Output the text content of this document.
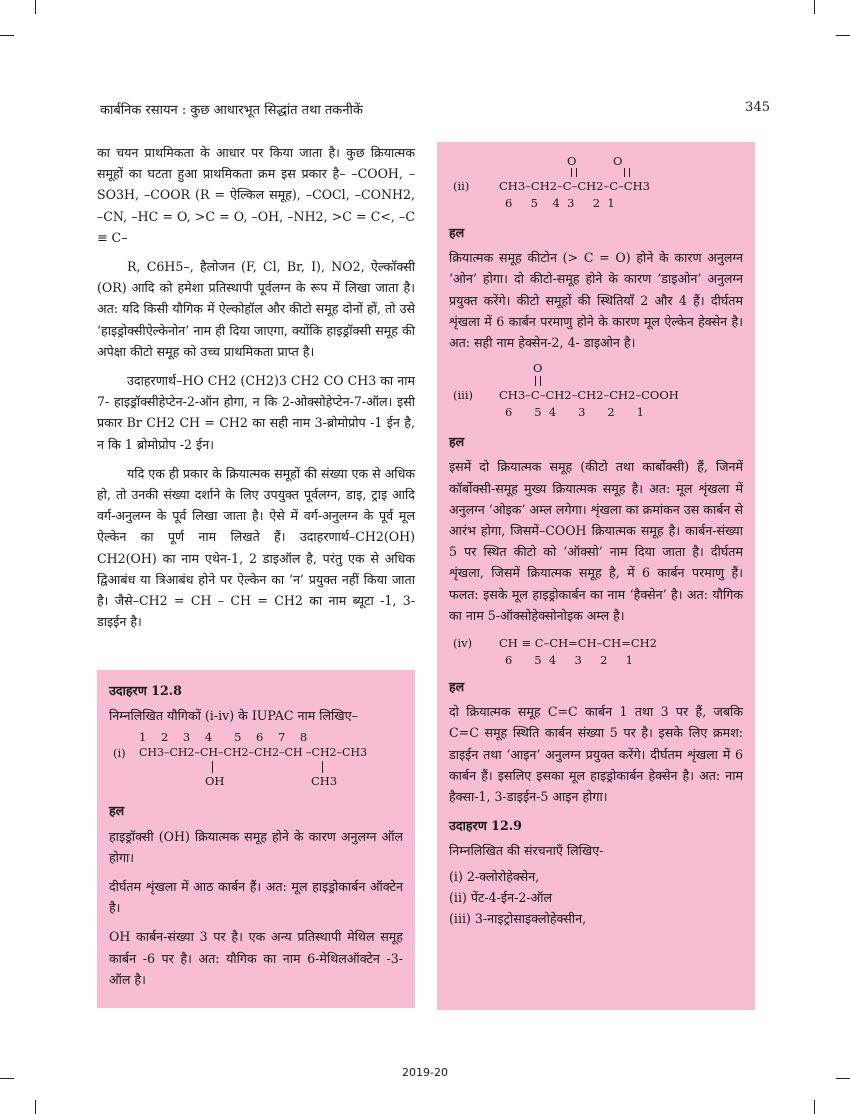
कार्बनिक रसायन : कुछ आधारभूत सिद्धांत तथा तकनीकें	345

का चयन प्राथमिकता के आधार पर किया जाता है। कुछ क्रियात्मक समूहों का घटता हुआ प्राथमिकता क्रम इस प्रकार है– –COOH, –SO3H, –COOR (R = ऐल्किल समूह), –COCl, –CONH2, –CN, –HC = O, >C = O, –OH, –NH2, >C = C<, –C ≡ C–

R, C6H5–, हैलोजन (F, Cl, Br, I), NO2, ऐल्कॉक्सी (OR) आदि को हमेशा प्रतिस्थापी पूर्वलग्न के रूप में लिखा जाता है। अत: यदि किसी यौगिक में ऐल्कोहॉल और कीटो समूह दोनों हों, तो उसे ‘हाइड्रोक्सीऐल्केनोन’ नाम ही दिया जाएगा, क्योंकि हाइड्रॉक्सी समूह की अपेक्षा कीटो समूह को उच्च प्राथमिकता प्राप्त है।

उदाहरणार्थ–HO CH2 (CH2)3 CH2 CO CH3 का नाम 7- हाइड्रॉक्सीहेप्टेन-2-ऑन होगा, न कि 2-ओक्सोहेप्टेन-7-ऑल। इसी प्रकार Br CH2 CH = CH2 का सही नाम 3-ब्रोमोप्रोप -1 ईन है, न कि 1 ब्रोमोप्रोप -2 ईन।

यदि एक ही प्रकार के क्रियात्मक समूहों की संख्या एक से अधिक हो, तो उनकी संख्या दर्शाने के लिए उपयुक्त पूर्वलग्न, डाइ, ट्राइ आदि वर्ग-अनुलग्न के पूर्व लिखा जाता है। ऐसे में वर्ग-अनुलग्न के पूर्व मूल ऐल्केन का पूर्ण नाम लिखते हैं। उदाहरणार्थ–CH2(OH) CH2(OH) का नाम एथेन-1, 2 डाइऑल है, परंतु एक से अधिक द्विआबंध या त्रिआबंध होने पर ऐल्केन का ‘न’ प्रयुक्त नहीं किया जाता है। जैसे–CH2 = CH – CH = CH2 का नाम ब्यूटा -1, 3- डाइईन है।

उदाहरण 12.8
निम्नलिखित यौगिकों (i-iv) के IUPAC नाम लिखिए–
1    2    3    4      5    6    7    8
(i) CH3–CH2–CH–CH2–CH2–CH –CH2–CH3
OH	CH3
हल

हाइड्रॉक्सी (OH) क्रियात्मक समूह होने के कारण अनुलग्न ऑल होगा।

दीर्घतम शृंखला में आठ कार्बन हैं। अत: मूल हाइड्रोकार्बन ऑक्टेन है।

OH कार्बन-संख्या 3 पर है। एक अन्य प्रतिस्थापी मेथिल समूह कार्बन -6 पर है। अत: यौगिक का नाम 6-मेथिलऑक्टेन -3- ऑल है।

O          O
(ii)	CH3–CH2–C–CH2–C–CH3
6     5    4  3     2  1
हल

क्रियात्मक समूह कीटोन (> C = O) होने के कारण अनुलग्न ‘ओन’ होगा। दो कीटो-समूह होने के कारण ‘डाइओन’ अनुलग्न प्रयुक्त करेंगे। कीटो समूहों की स्थितियाँ 2 और 4 हैं। दीर्घतम शृंखला में 6 कार्बन परमाणु होने के कारण मूल ऐल्केन हेक्सेन है। अत: सही नाम हेक्सेन-2, 4- डाइओन है।

O
(iii) CH3–C–CH2–CH2–CH2–COOH
6      5  4      3      2      1
हल

इसमें दो क्रियात्मक समूह (कीटो तथा कार्बोक्सी) हैं, जिनमें कॉर्बोक्सी-समूह मुख्य क्रियात्मक समूह है। अत: मूल शृंखला में अनुलग्न ‘ओइक’ अम्ल लगेगा। शृंखला का क्रमांकन उस कार्बन से आरंभ होगा, जिसमें–COOH क्रियात्मक समूह है। कार्बन-संख्या 5 पर स्थित कीटो को ‘ऑक्सो’ नाम दिया जाता है। दीर्घतम शृंखला, जिसमें क्रियात्मक समूह है, में 6 कार्बन परमाणु हैं। फलत: इसके मूल हाइड्रोकार्बन का नाम ‘हैक्सेन’ है। अत: यौगिक का नाम 5-ऑक्सोहेक्सोनोइक अम्ल है।

(iv) CH ≡ C–CH=CH–CH=CH2
6      5  4     3     2     1
हल

दो क्रियात्मक समूह C=C कार्बन 1 तथा 3 पर हैं, जबकि C=C समूह स्थिति कार्बन संख्या 5 पर है। इसके लिए क्रमश: डाइईन तथा ‘आइन’ अनुलग्न प्रयुक्त करेंगे। दीर्घतम शृंखला में 6 कार्बन हैं। इसलिए इसका मूल हाइड्रोकार्बन हेक्सेन है। अत: नाम हैक्सा-1, 3-डाइईन-5 आइन होगा।

उदाहरण 12.9
निम्नलिखित की संरचनाएँ लिखिए-
(i) 2-क्लोरोहेक्सेन,
(ii) पेंट-4-ईन-2-ऑल
(iii) 3-नाइट्रोसाइक्लोहेक्सीन,
2019-20
